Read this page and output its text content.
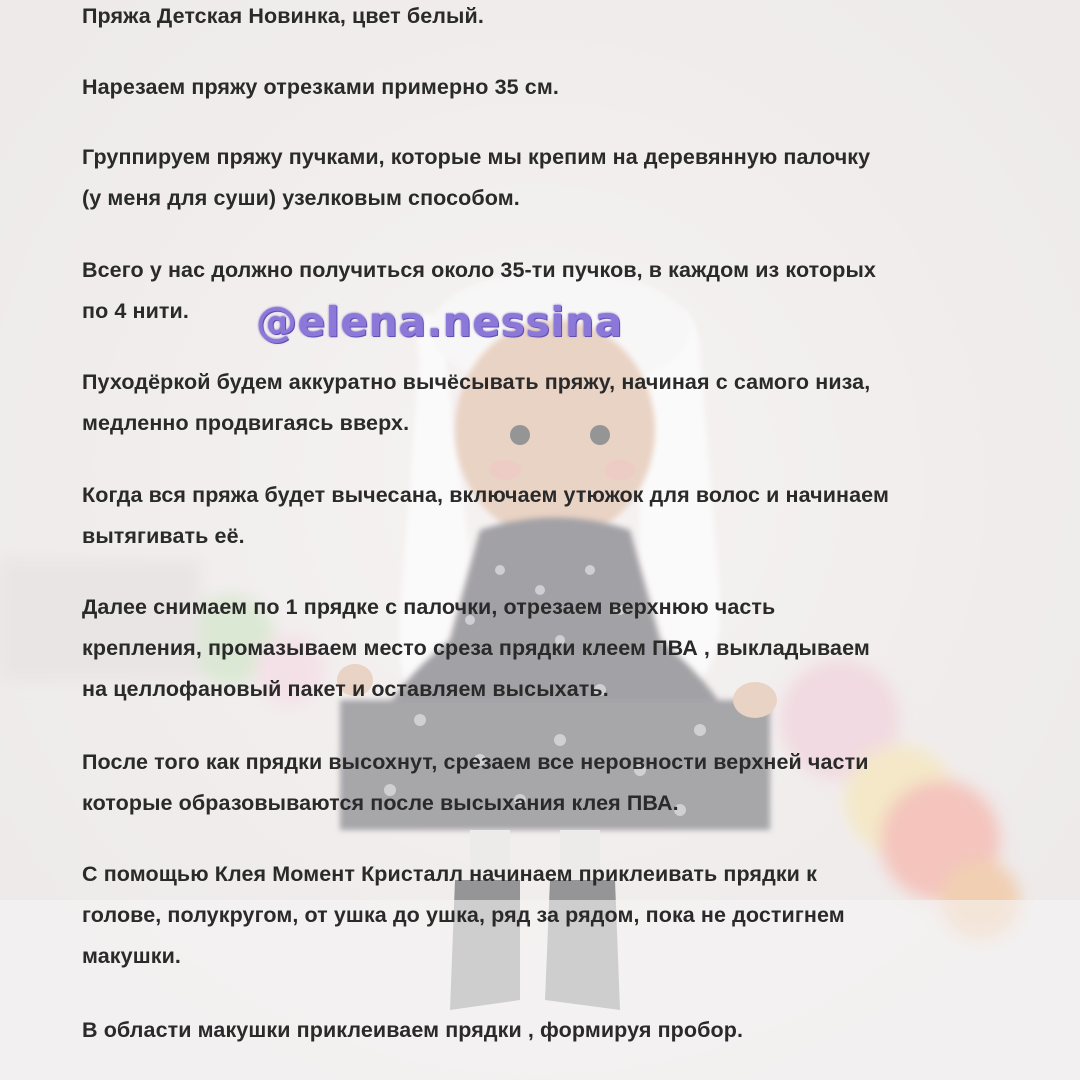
Пряжа Детская Новинка, цвет белый.

Нарезаем пряжу отрезками примерно 35 см.

Группируем пряжу пучками, которые мы крепим на деревянную палочку
(у меня для суши) узелковым способом.

Всего у нас должно получиться около 35-ти пучков, в каждом из которых
по 4 нити.

Пуходёркой будем аккуратно вычёсывать пряжу, начиная с самого низа,
медленно продвигаясь вверх.

Когда вся пряжа будет вычесана, включаем утюжок для волос и начинаем
вытягивать её.

Далее снимаем по 1 прядке с палочки, отрезаем верхнюю часть
крепления, промазываем место среза прядки клеем ПВА , выкладываем
на целлофановый пакет и оставляем высыхать.

После того как прядки высохнут, срезаем все неровности верхней части
которые образовываются после высыхания клея ПВА.

С помощью Клея Момент Кристалл начинаем приклеивать прядки к
голове, полукругом, от ушка до ушка, ряд за рядом, пока не достигнем
макушки.

В области макушки приклеиваем прядки , формируя пробор.

@elena.nessina
